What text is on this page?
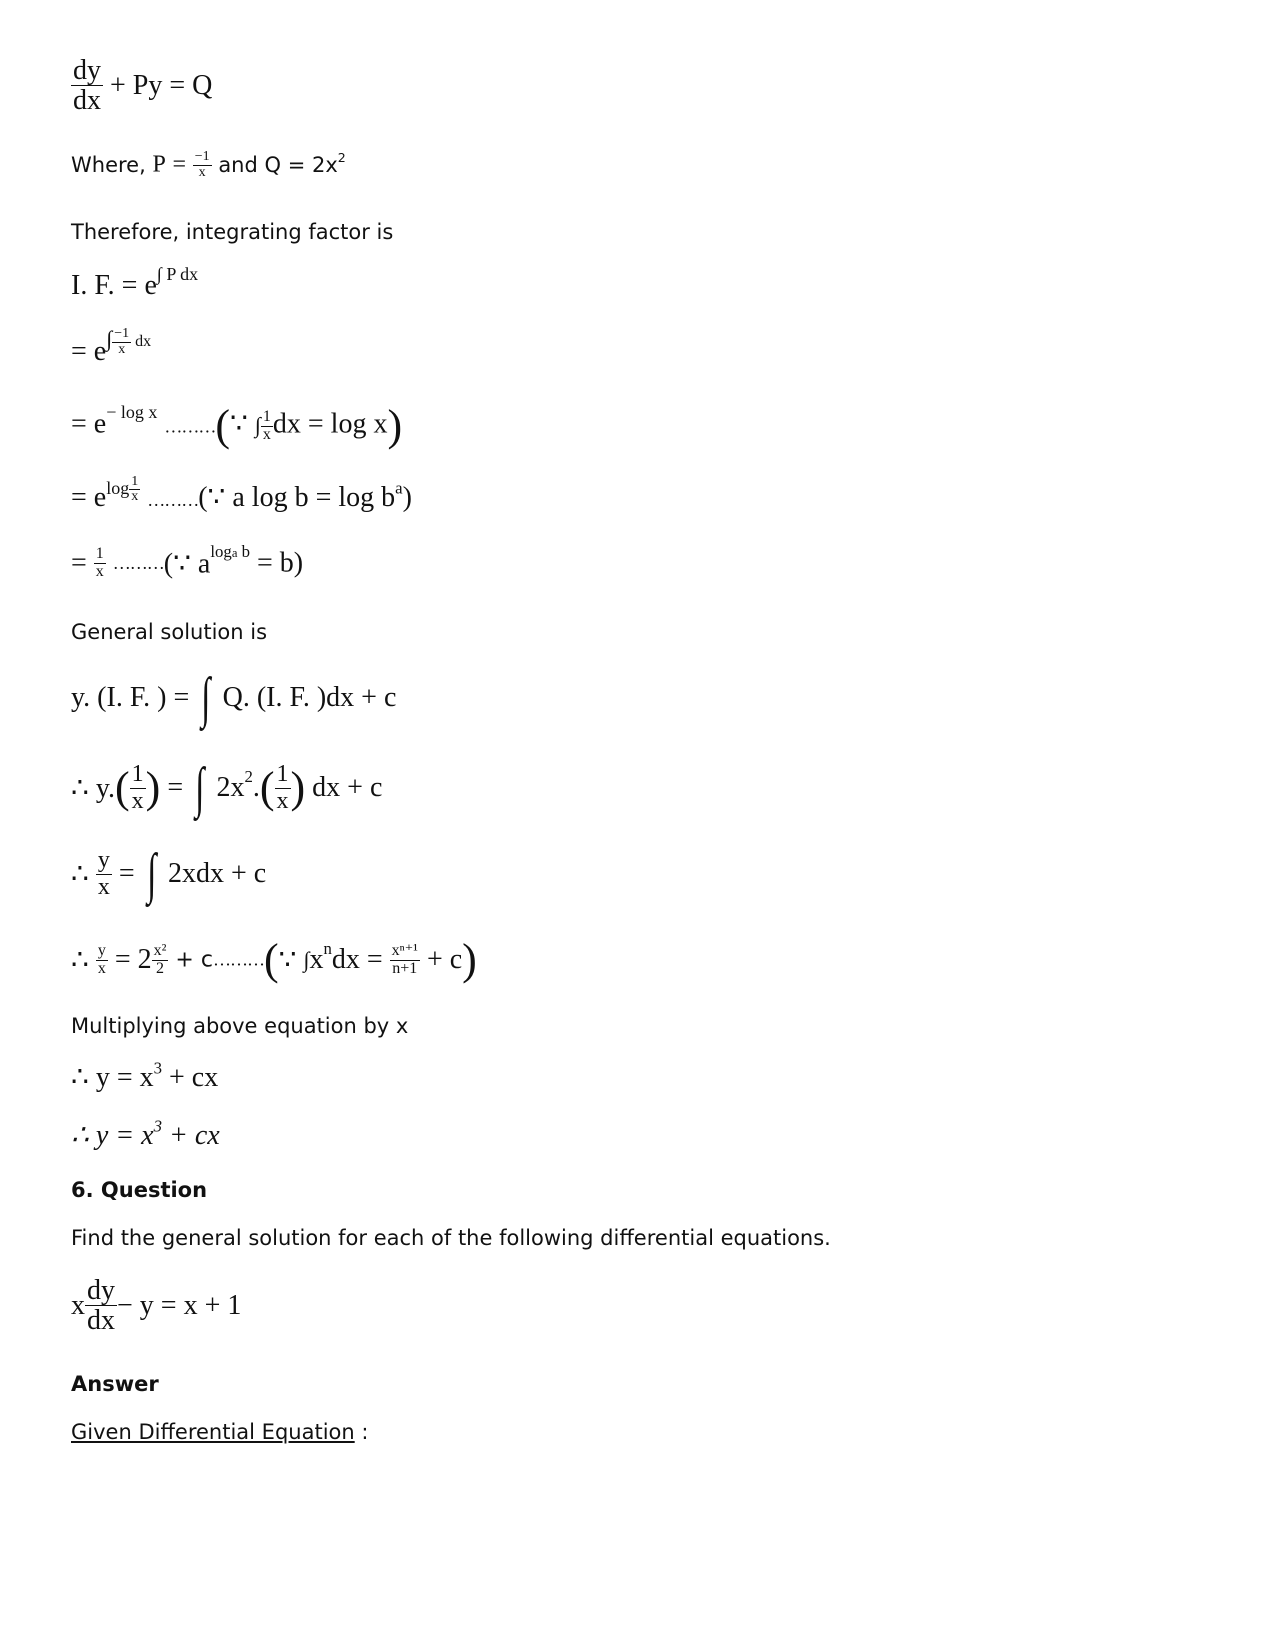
$\frac{dy}{dx} + Py = Q$
Where, $P = \frac{-1}{x}$ and $Q = 2x^2$
Therefore, integrating factor is
I. F. = $e^{\int P dx}$
= $e^{\int \frac{-1}{x} dx}$
= $e^{- log x}$ ………(∵ ∫ $\frac{1}{x}$ dx = log x)
= $e^{log \frac{1}{x}}$ ………(∵ a $\log b = \log b^a$)
= $\frac{1}{x}$ ………(∵ $a^{loga b} = b$)
General solution is
y. (I. F. ) = ∫ Q. (I. F. )dx + c
∴ $y.( \frac{1}{x}$ ) = ∫ $2x^2.( \frac{1}{x}$ ) dx + c
∴ $\frac{y}{x}$ = ∫ 2xdx + c
∴ $\frac{y}{x} = 2 \frac{\text{x²}}{2}$ + c………(∵ $\int x^ndx = \frac{\text{xⁿ⁺¹}}{n+1} + c$)
Multiplying above equation by x
∴ $y = x^3$ + cx
∴ $y = x^3$ + cx
6. Question
Find the general solution for each of the following differential equations.
x $\frac{dy}{dx} - y = x + 1$
Answer
Given Differential Equation :
